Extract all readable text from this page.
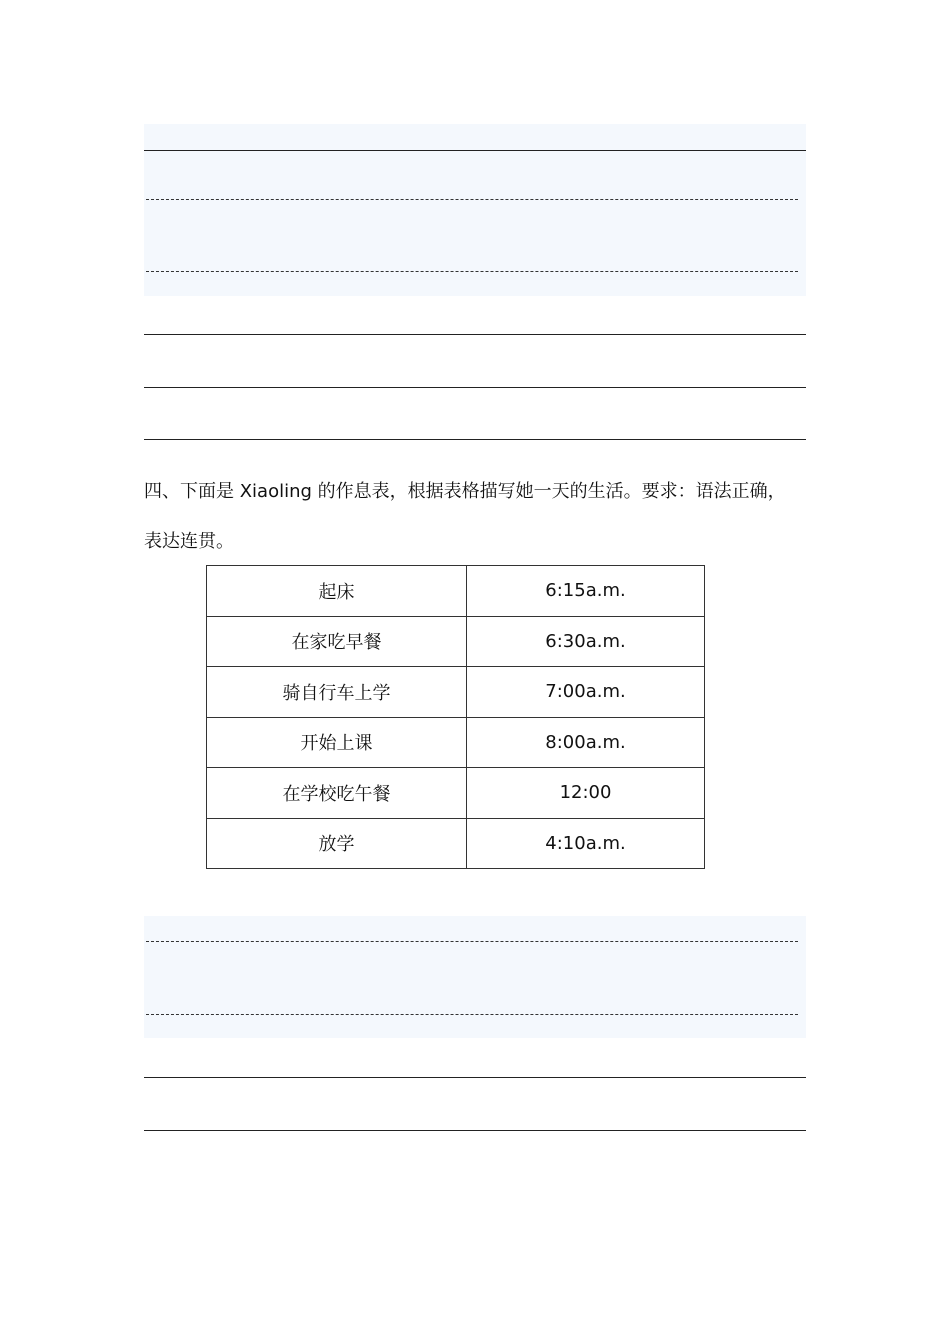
四、下面是 Xiaoling 的作息表，根据表格描写她一天的生活。要求：语法正确，
表达连贯。
起床	6:15a.m.
在家吃早餐	6:30a.m.
骑自行车上学	7:00a.m.
开始上课	8:00a.m.
在学校吃午餐	12:00
放学	4:10a.m.
